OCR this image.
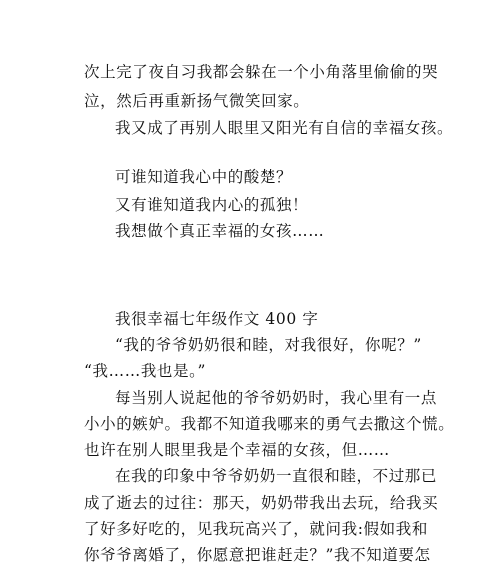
次上完了夜自习我都会躲在一个小角落里偷偷的哭
泣，然后再重新扬气微笑回家。
我又成了再别人眼里又阳光有自信的幸福女孩。
可谁知道我心中的酸楚？
又有谁知道我内心的孤独！
我想做个真正幸福的女孩……
我很幸福七年级作文 400 字
“我的爷爷奶奶很和睦，对我很好，你呢？”
“我……我也是。”
每当别人说起他的爷爷奶奶时，我心里有一点
小小的嫉妒。我都不知道我哪来的勇气去撒这个慌。
也许在别人眼里我是个幸福的女孩，但……
在我的印象中爷爷奶奶一直很和睦，不过那已
成了逝去的过往：那天，奶奶带我出去玩，给我买
了好多好吃的，见我玩高兴了，就问我:假如我和
你爷爷离婚了，你愿意把谁赶走？”我不知道要怎
